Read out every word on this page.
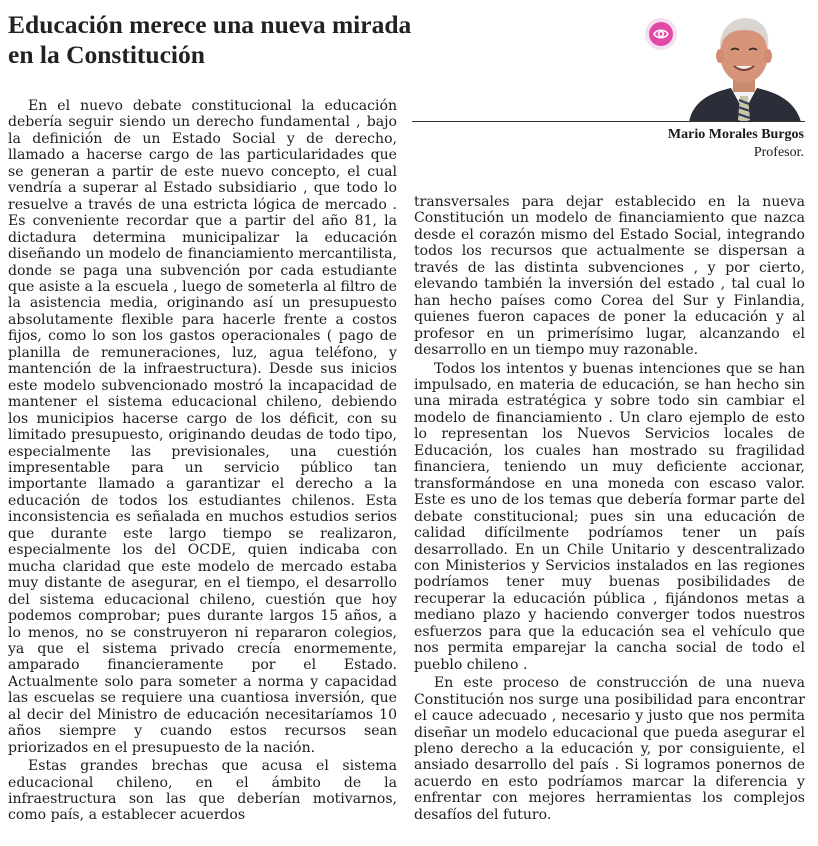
Educación merece una nueva mirada
en la Constitución
Mario Morales Burgos
Profesor.

En el nuevo debate constitucional la educación debería seguir siendo un derecho fundamental , bajo la definición de un Estado Social y de derecho, llamado a hacerse cargo de las particularidades que se generan a partir de este nuevo concepto, el cual vendría a superar al Estado subsidiario , que todo lo resuelve a través de una estricta lógica de mercado . Es conveniente recordar que a partir del año 81, la dictadura determina municipalizar la educación diseñando un modelo de financiamiento mercantilista, donde se paga una subvención por cada estudiante que asiste a la escuela , luego de someterla al filtro de la asistencia media, originando así un presupuesto absolutamente flexible para hacerle frente a costos fijos, como lo son los gastos operacionales ( pago de planilla de remuneraciones, luz, agua teléfono, y mantención de la infraestructura). Desde sus inicios este modelo subvencionado mostró la incapacidad de mantener el sistema educacional chileno, debiendo los municipios hacerse cargo de los déficit, con su limitado presupuesto, originando deudas de todo tipo, especialmente las previsionales, una cuestión impresentable para un servicio público tan importante llamado a garantizar el derecho a la educación de todos los estudiantes chilenos. Esta inconsistencia es señalada en muchos estudios serios que durante este largo tiempo se realizaron, especialmente los del OCDE, quien indicaba con mucha claridad que este modelo de mercado estaba muy distante de asegurar, en el tiempo, el desarrollo del sistema educacional chileno, cuestión que hoy podemos comprobar; pues durante largos 15 años, a lo menos, no se construyeron ni repararon colegios, ya que el sistema privado crecía enormemente, amparado financieramente por el Estado. Actualmente solo para someter a norma y capacidad las escuelas se requiere una cuantiosa inversión, que al decir del Ministro de educación necesitaríamos 10 años siempre y cuando estos recursos sean priorizados en el presupuesto de la nación.

Estas grandes brechas que acusa el sistema educacional chileno, en el ámbito de la infraestructura son las que deberían motivarnos, como país, a establecer acuerdos

transversales para dejar establecido en la nueva Constitución un modelo de financiamiento que nazca desde el corazón mismo del Estado Social, integrando todos los recursos que actualmente se dispersan a través de las distinta subvenciones , y por cierto, elevando también la inversión del estado , tal cual lo han hecho países como Corea del Sur y Finlandia, quienes fueron capaces de poner la educación y al profesor en un primerísimo lugar, alcanzando el desarrollo en un tiempo muy razonable.

Todos los intentos y buenas intenciones que se han impulsado, en materia de educación, se han hecho sin una mirada estratégica y sobre todo sin cambiar el modelo de financiamiento . Un claro ejemplo de esto lo representan los Nuevos Servicios locales de Educación, los cuales han mostrado su fragilidad financiera, teniendo un muy deficiente accionar, transformándose en una moneda con escaso valor. Este es uno de los temas que debería formar parte del debate constitucional; pues sin una educación de calidad difícilmente podríamos tener un país desarrollado. En un Chile Unitario y descentralizado con Ministerios y Servicios instalados en las regiones podríamos tener muy buenas posibilidades de recuperar la educación pública , fijándonos metas a mediano plazo y haciendo converger todos nuestros esfuerzos para que la educación sea el vehículo que nos permita emparejar la cancha social de todo el pueblo chileno .

En este proceso de construcción de una nueva Constitución nos surge una posibilidad para encontrar el cauce adecuado , necesario y justo que nos permita diseñar un modelo educacional que pueda asegurar el pleno derecho a la educación y, por consiguiente, el ansiado desarrollo del país . Si logramos ponernos de acuerdo en esto podríamos marcar la diferencia y enfrentar con mejores herramientas los complejos desafíos del futuro.
